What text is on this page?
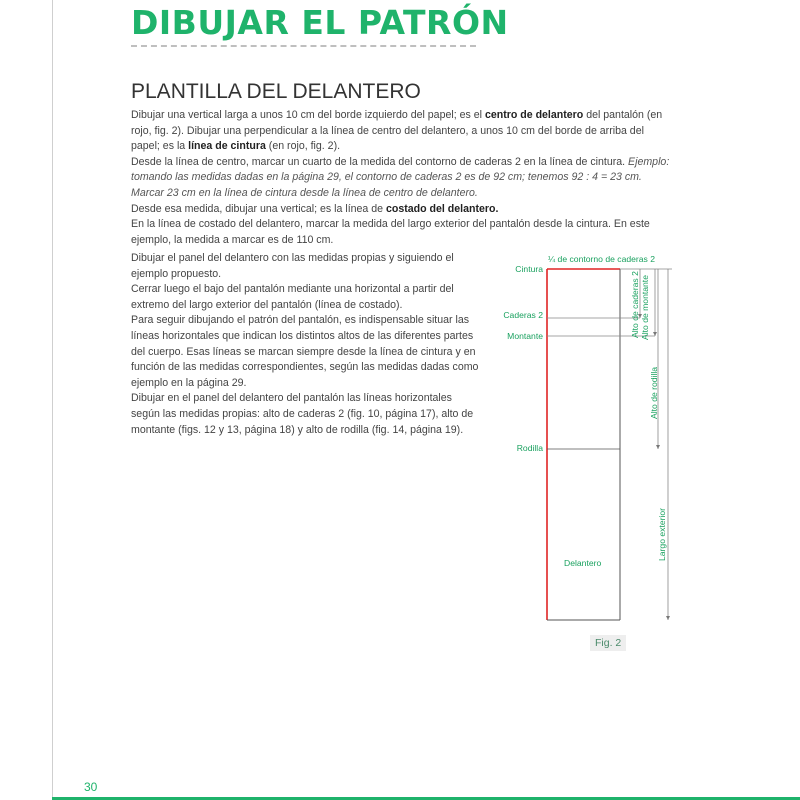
DIBUJAR EL PATRÓN
PLANTILLA DEL DELANTERO

Dibujar una vertical larga a unos 10 cm del borde izquierdo del papel; es el centro de delantero del pantalón (en rojo, fig. 2). Dibujar una perpendicular a la línea de centro del delantero, a unos 10 cm del borde de arriba del papel; es la línea de cintura (en rojo, fig. 2).

Desde la línea de centro, marcar un cuarto de la medida del contorno de caderas 2 en la línea de cintura. Ejemplo: tomando las medidas dadas en la página 29, el contorno de caderas 2 es de 92 cm; tenemos 92 : 4 = 23 cm. Marcar 23 cm en la línea de cintura desde la línea de centro de delantero.

Desde esa medida, dibujar una vertical; es la línea de costado del delantero.

En la línea de costado del delantero, marcar la medida del largo exterior del pantalón desde la cintura. En este ejemplo, la medida a marcar es de 110 cm.

Dibujar el panel del delantero con las medidas propias y siguiendo el ejemplo propuesto.

Cerrar luego el bajo del pantalón mediante una horizontal a partir del extremo del largo exterior del pantalón (línea de costado).

Para seguir dibujando el patrón del pantalón, es indispensable situar las líneas horizontales que indican los distintos altos de las diferentes partes del cuerpo. Esas líneas se marcan siempre desde la línea de cintura y en función de las medidas correspondientes, según las medidas dadas como ejemplo en la página 29.

Dibujar en el panel del delantero del pantalón las líneas horizontales según las medidas propias: alto de caderas 2 (fig. 10, página 17), alto de montante (figs. 12 y 13, página 18) y alto de rodilla (fig. 14, página 19).

¼ de contorno de caderas 2
Cintura
Caderas 2
Montante
Rodilla
Delantero
Alto de caderas 2 Alto de montante
Alto de rodilla
Largo exterior
Fig. 2
30
